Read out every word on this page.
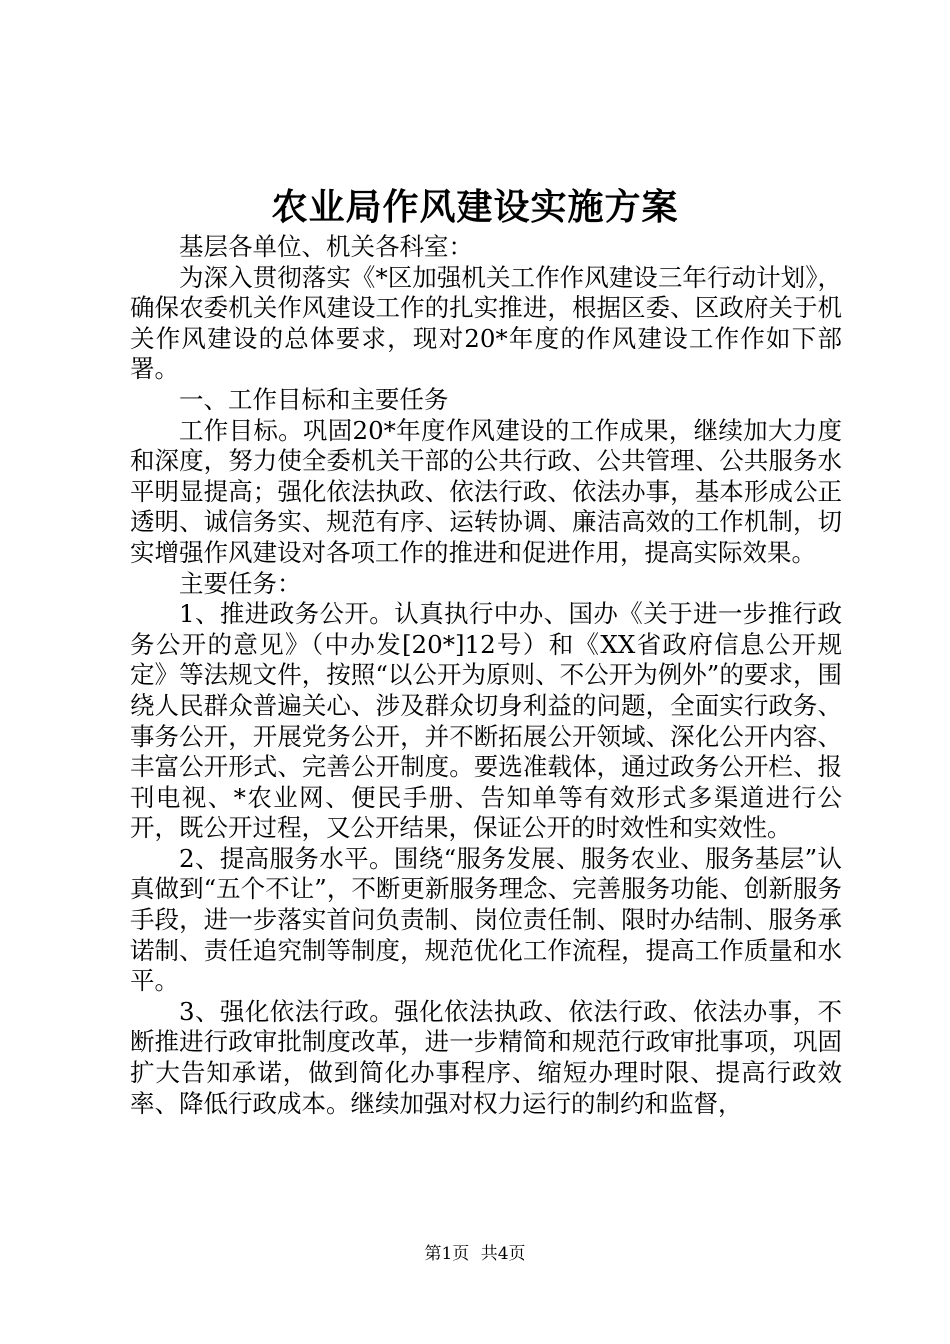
农业局作风建设实施方案

基层各单位、机关各科室：

为深入贯彻落实《*区加强机关工作作风建设三年行动计划》，确保农委机关作风建设工作的扎实推进，根据区委、区政府关于机关作风建设的总体要求，现对20*年度的作风建设工作作如下部署。

一、工作目标和主要任务

工作目标。巩固20*年度作风建设的工作成果，继续加大力度和深度，努力使全委机关干部的公共行政、公共管理、公共服务水平明显提高；强化依法执政、依法行政、依法办事，基本形成公正透明、诚信务实、规范有序、运转协调、廉洁高效的工作机制，切实增强作风建设对各项工作的推进和促进作用，提高实际效果。

主要任务：

1、推进政务公开。认真执行中办、国办《关于进一步推行政务公开的意见》（中办发[20*]12号）和《XX省政府信息公开规定》等法规文件，按照“以公开为原则、不公开为例外”的要求，围绕人民群众普遍关心、涉及群众切身利益的问题，全面实行政务、事务公开，开展党务公开，并不断拓展公开领域、深化公开内容、丰富公开形式、完善公开制度。要选准载体，通过政务公开栏、报刊电视、*农业网、便民手册、告知单等有效形式多渠道进行公开，既公开过程，又公开结果，保证公开的时效性和实效性。

2、提高服务水平。围绕“服务发展、服务农业、服务基层”认真做到“五个不让”，不断更新服务理念、完善服务功能、创新服务手段，进一步落实首问负责制、岗位责任制、限时办结制、服务承诺制、责任追究制等制度，规范优化工作流程，提高工作质量和水平。

3、强化依法行政。强化依法执政、依法行政、依法办事，不断推进行政审批制度改革，进一步精简和规范行政审批事项，巩固扩大告知承诺，做到简化办事程序、缩短办理时限、提高行政效率、降低行政成本。继续加强对权力运行的制约和监督，

第1页 共4页
